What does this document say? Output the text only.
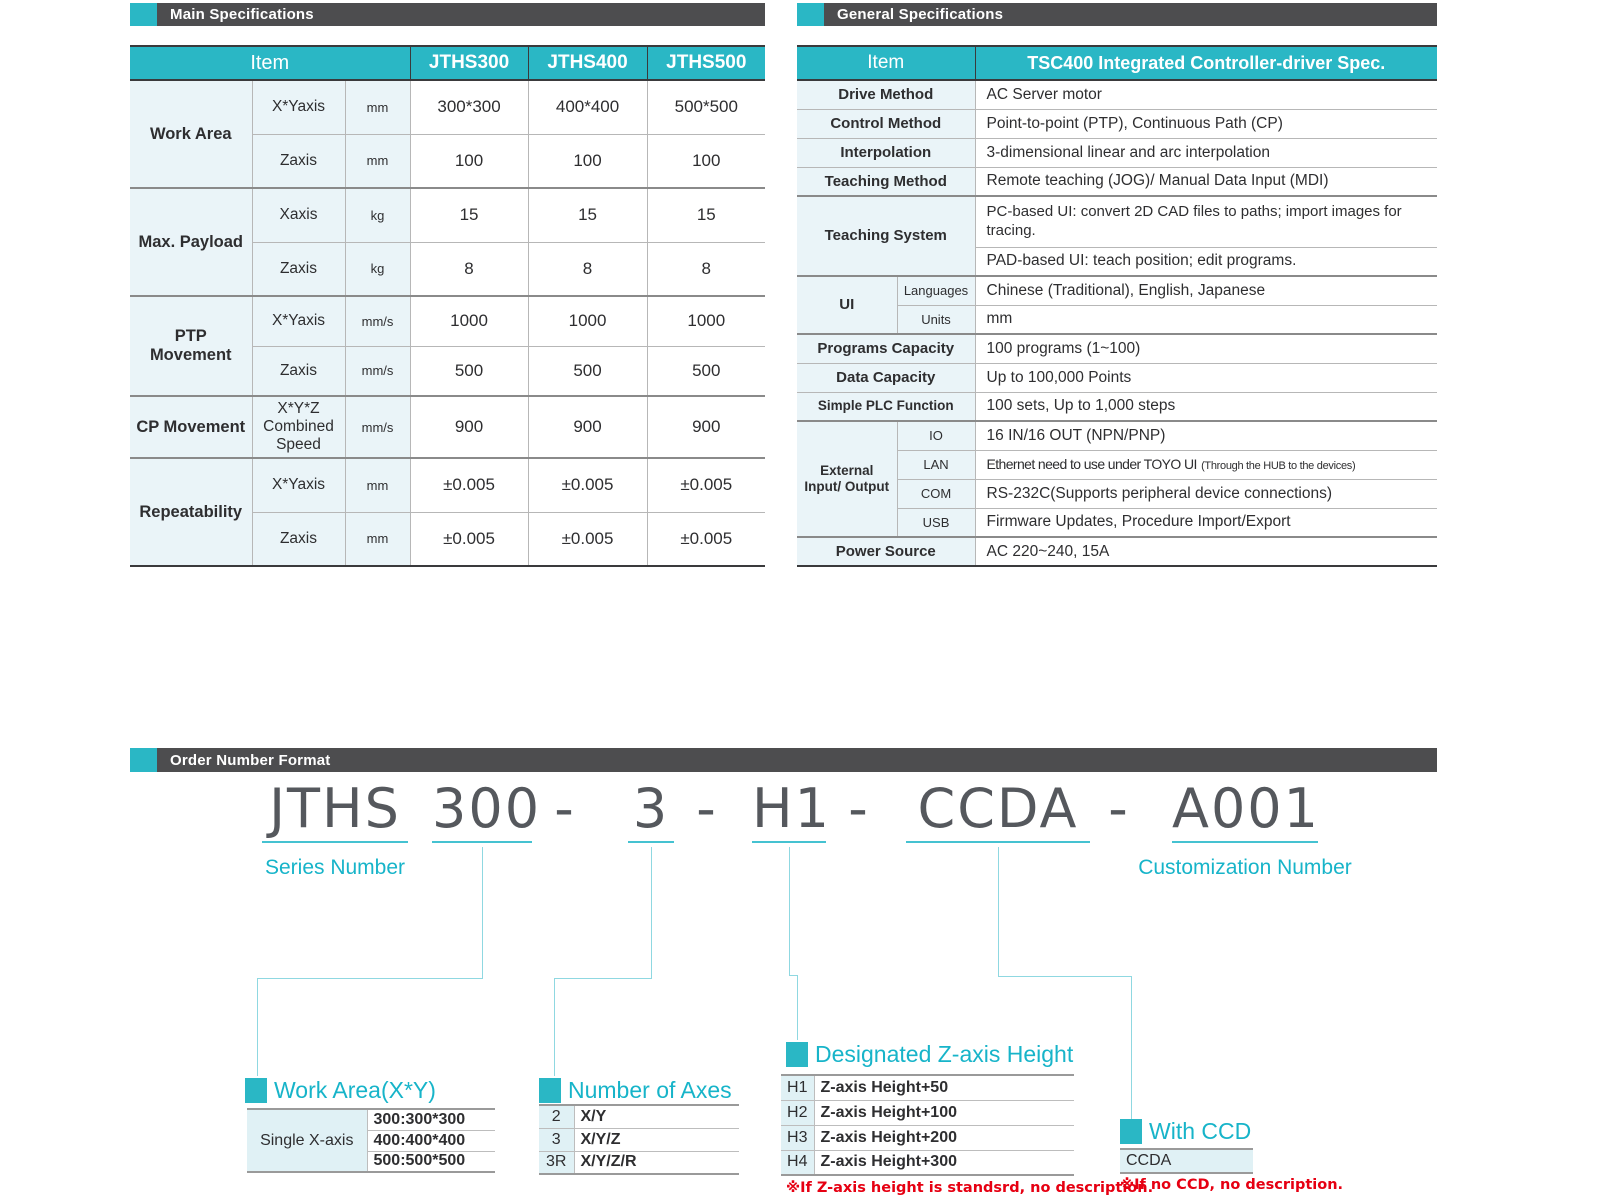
Main Specifications
Item			JTHS300	JTHS400	JTHS500
Work Area	X*Yaxis	mm	300*300	400*400	500*500
	Zaxis	mm	100	100	100
Max. Payload	Xaxis	kg	15	15	15
	Zaxis	kg	8	8	8
PTP Movement	X*Yaxis	mm/s	1000	1000	1000
	Zaxis	mm/s	500	500	500
CP Movement	X*Y*Z Combined Speed	mm/s	900	900	900
Repeatability	X*Yaxis	mm	±0.005	±0.005	±0.005
	Zaxis	mm	±0.005	±0.005	±0.005
General Specifications
Item		TSC400 Integrated Controller-driver Spec.
Drive Method		AC Server motor
Control Method		Point-to-point (PTP), Continuous Path (CP)
Interpolation		3-dimensional linear and arc interpolation
Teaching Method		Remote teaching (JOG)/ Manual Data Input (MDI)
Teaching System		PC-based UI: convert 2D CAD files to paths; import images for tracing.
		PAD-based UI: teach position; edit programs.
UI	Languages	Chinese (Traditional), English, Japanese
	Units	mm
Programs Capacity		100 programs (1~100)
Data Capacity		Up to 100,000 Points
Simple PLC Function		100 sets, Up to 1,000 steps
External Input/ Output	IO	16 IN/16 OUT (NPN/PNP)
	LAN	Ethernet need to use under TOYO UI (Through the HUB to the devices)
	COM	RS-232C(Supports peripheral device connections)
	USB	Firmware Updates, Procedure Import/Export
Power Source		AC 220~240, 15A
Order Number Format
JTHS 300 - 3 - H1 - CCDA - A001
Series Number	Customization Number
Work Area(X*Y)
Single X-axis	300:300*300
400:400*400
500:500*500
Number of Axes
2	X/Y
3	X/Y/Z
3R	X/Y/Z/R
Designated Z-axis Height
H1	Z-axis Height+50
H2	Z-axis Height+100
H3	Z-axis Height+200
H4	Z-axis Height+300
※If Z-axis height is standsrd, no description.
With CCD
CCDA
※If no CCD, no description.
